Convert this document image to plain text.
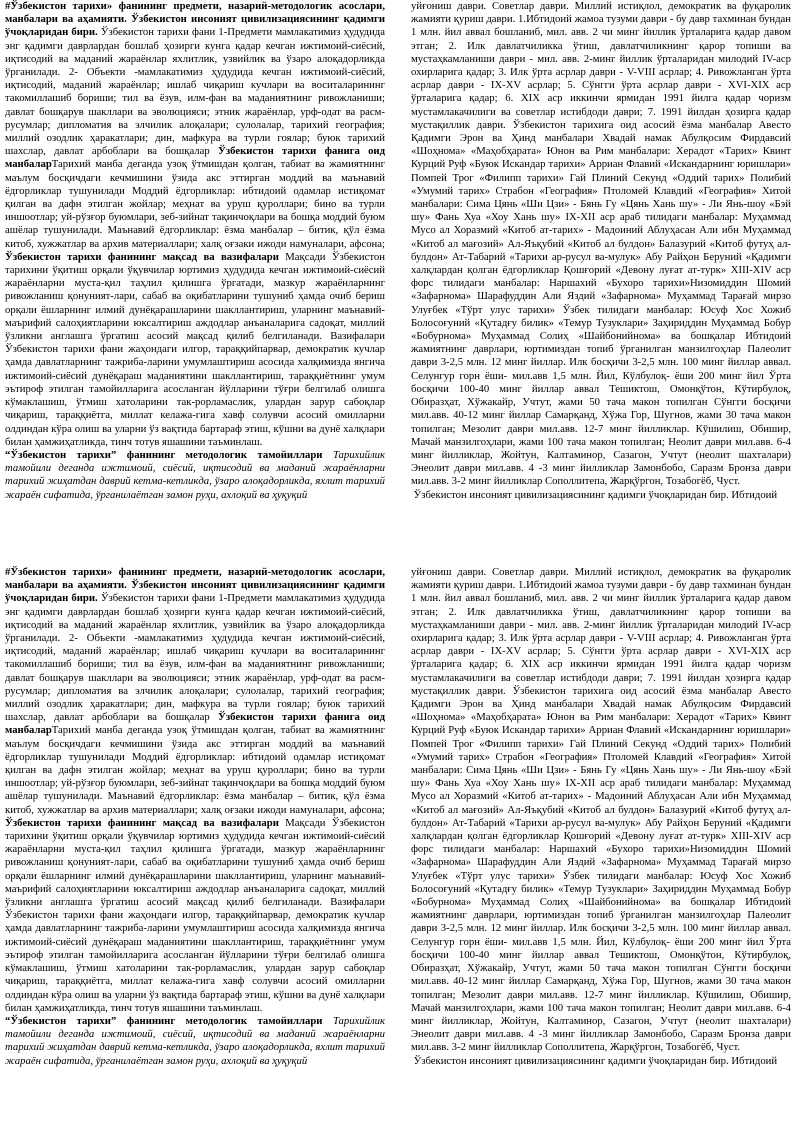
#Ўзбекистон тарихи» фанининг предмети, назарий-методологик асослари, манбалари ва аҳамияти. Ўзбекистон инсоният цивилизациясининг қадимги ўчоқларидан бири. Ўзбекистон тарихи фани 1-Предмети мамлакатимиз ҳудудида энг қадимги даврлардан бошлаб ҳозирги кунга қадар кечган ижтимоий-сиёсий, иқтисодий ва маданий жараёнлар яхлитлик, узвийлик ва ўзаро алоқадорликда ўрганилади. 2- Объекти -мамлакатимиз ҳудудида кечган ижтимоий-сиёсий, иқтисодий, маданий жараёнлар; ишлаб чиқариш кучлари ва воситаларининг такомиллашиб бориши; тил ва ёзув, илм-фан ва маданиятнинг ривожланиши; давлат бошқарув шакллари ва эволюцияси; этник жараёнлар, урф-одат ва расм-русумлар; дипломатия ва элчилик алоқалари; сулолалар, тарихий география; миллий озодлик ҳаракатлари; дин, мафкура ва турли гоялар; буюк тарихий шахслар, давлат арбоблари ва бошқалар Ўзбекистон тарихи фанига оид манбаларТарихий манба деганда узоқ ўтмишдан қолган, табиат ва жамиятнинг маълум босқичдаги кечмишини ўзида акс эттирган моддий ва маънавий ёдгорликлар тушунилади Моддий ёдгорликлар: ибтидоий одамлар истиқомат қилган ва дафн этилган жойлар; меҳнат ва уруш қуроллари; бино ва турли иншоотлар; уй-рўзғор буюмлари, зеб-зийнат тақинчоқлари ва бошқа моддий буюм ашёлар тушунилади. Маънавий ёдгорликлар: ёзма манбалар – битик, қўл ёзма китоб, хужжатлар ва архив материаллари; халқ оғзаки ижоди намуналари, афсона; Ўзбекистон тарихи фанининг мақсад ва вазифалари Мақсади Ўзбекистон тарихини ўқитиш орқали ўқувчилар юртимиз ҳудудида кечган ижтимоий-сиёсий жараёнларни муста-қил таҳлил қилишга ўргатади, мазкур жараёнларнинг ривожланиш қонуният-лари, сабаб ва оқибатларини тушуниб ҳамда очиб бериш орқали ёшларнинг илмий дунёқарашларини шакллантириш, уларнинг маънавий-маърифий салоҳиятларини юксалтириш аждодлар анъаналарига садоқат, миллий ўзликни англашга ўргатиш асосий мақсад қилиб белгиланади. Вазифалари Ўзбекистон тарихи фани жаҳондаги илгор, тараққийпарвар, демократик кучлар ҳамда давлатларнинг тажриба-ларини умумлаштириш асосида халқимизда янгича ижтимоий-сиёсий дунёқараш маданиятини шакллантириш, тараққиётнинг умум эътироф этилган тамойилларига асосланган йўлларини тўғри белгилаб олишга кўмаклашиш, ўтмиш хатоларини так-рорламаслик, улардан зарур сабоқлар чиқариш, тараққиётга, миллат келажа-гига хавф солувчи асосий омилларни олдиндан кўра олиш ва уларни ўз вақтида бартараф этиш, кўшни ва дунё халқлари билан ҳамжиҳатликда, тинч тотув яшашини таъминлаш.

“Ўзбекистон тарихи” фанининг методологик тамойиллари Тарихийлик тамойили деганда ижтимоий, сиёсий, иқтисодий ва маданий жараёнларни тарихий жиҳатдан даврий кетма-кетликда, ўзаро алоқадорликда, яхлит тарихий жараён сифатида, ўрганилаётган замон руҳи, ахлоқий ва ҳуқуқий

уйғониш даври. Советлар даври. Миллий истиқлол, демократик ва фуқаролик жамияти қуриш даври. 1.Ибтидоий жамоа тузуми даври - бу давр тахминан бундан 1 млн. йил аввал бошланиб, мил. авв. 2 чи минг йиллик ўрталарига қадар давом этган; 2. Илк давлатчиликка ўтиш, давлатчиликнинг қарор топиши ва мустаҳкамланиши даври - мил. авв. 2-минг йиллик ўрталаридан милодий IV-аср охирларига қадар; 3. Илк ўрта асрлар даври - V-VIII асрлар; 4. Ривожланган ўрта асрлар даври - IX-XV асрлар; 5. Сўнгги ўрта асрлар даври - XVI-XIX аср ўрталарига қадар; 6. XIX аср иккинчи ярмидан 1991 йилга қадар чоризм мустамлакачилиги ва советлар истибдоди даври; 7. 1991 йилдан ҳозирга қадар мустақиллик даври. Ўзбекистон тарихига оид асосий ёзма манбалар Авесто Қадимги Эрон ва Ҳинд манбалари Хвадай намак Абулқосим Фирдавсий «Шоҳнома» «Маҳобҳарата» Юнон ва Рим манбалари: Херадот «Тарих» Квинт Курций Руф «Буюк Искандар тарихи» Арриан Флавий «Искандарнинг юришлари» Помпей Трог «Филипп тарихи» Гай Плиний Секунд «Оддий тарих» Полибий «Умумий тарих» Страбон «География» Птоломей Клавдий «География» Хитой манбалари: Сима Цянь «Ши Цзи» - Бянь Гу «Цянь Хань шу» - Ли Янь-шоу «Бэй шу» Фань Хуа «Хоу Хань шу» IX-XII аср араб тилидаги манбалар: Муҳаммад Мусо ал Хоразмий «Китоб ат-тарих» - Мадоиний Аблуҳасан Али ибн Муҳаммад «Китоб ал мағозий» Ал-Яъқубий «Китоб ал булдон» Балазурий «Китоб футуҳ ал-булдон» Ат-Табарий «Тарихи ар-русул ва-мулук» Абу Райҳон Беруний «Қадимги халқлардан қолган ёдгорликлар Қошғорий «Девону луғат ат-турк» XIII-XIV аср форс тилидаги манбалар: Наршахий «Бухоро тарихи»Низомиддин Шомий «Зафарнома» Шарафуддин Али Яздий «Зафарнома» Муҳаммад Тарағай мирзо Улуғбек «Тўрт улус тарихи» Ўзбек тилидаги манбалар: Юсуф Хос Хожиб Болосоғуний «Қутадғу билик» «Темур Тузуклари» Заҳириддин Муҳаммад Бобур «Бобурнома» Муҳаммад Солиҳ «Шайбонийнома» ва бошқалар Ибтидоий жамиятнинг даврлари, юртимиздан топиб ўрганилган манзилгоҳлар Палеолит даври 3-2,5 млн. 12 минг йиллар. Илк босқичи 3-2,5 млн. 100 минг йиллар аввал. Селунгур горн ёши- мил.авв 1,5 млн. Йил, Кўлбулоқ- ёши 200 минг йил Ўрта босқичи 100-40 минг йиллар аввал Тешиктош, Омонқўтон, Кўтирбулоқ, Обиразҳат, Хўжакайр, Учтут, жами 50 тача макон топилган Сўнгги босқичи мил.авв. 40-12 минг йиллар Самарқанд, Хўжа Гор, Шугнов, жами 30 тача макон топилган; Мезолит даври мил.авв. 12-7 минг йилликлар. Кўшилиш, Обишир, Мачай манзилгоҳлари, жами 100 тача макон топилган; Неолит даври мил.авв. 6-4 минг йилликлар, Жойтун, Калтаминор, Сазагон, Учтут (неолит шахталари) Энеолит даври мил.авв. 4 -3 минг йилликлар Замонбобо, Саразм Бронза даври мил.авв. 3-2 минг йилликлар Сополлитепа, Жарқўргон, Тозабогёб, Чуст.

Ўзбекистон инсоният цивилизациясининг қадимги ўчоқларидан бир. Ибтидоий

#Ўзбекистон тарихи» фанининг предмети, назарий-методологик асослари, манбалари ва аҳамияти. Ўзбекистон инсоният цивилизациясининг қадимги ўчоқларидан бири. Ўзбекистон тарихи фани 1-Предмети мамлакатимиз ҳудудида энг қадимги даврлардан бошлаб ҳозирги кунга қадар кечган ижтимоий-сиёсий, иқтисодий ва маданий жараёнлар яхлитлик, узвийлик ва ўзаро алоқадорликда ўрганилади. 2- Объекти -мамлакатимиз ҳудудида кечган ижтимоий-сиёсий, иқтисодий, маданий жараёнлар; ишлаб чиқариш кучлари ва воситаларининг такомиллашиб бориши; тил ва ёзув, илм-фан ва маданиятнинг ривожланиши; давлат бошқарув шакллари ва эволюцияси; этник жараёнлар, урф-одат ва расм-русумлар; дипломатия ва элчилик алоқалари; сулолалар, тарихий география; миллий озодлик ҳаракатлари; дин, мафкура ва турли гоялар; буюк тарихий шахслар, давлат арбоблари ва бошқалар Ўзбекистон тарихи фанига оид манбаларТарихий манба деганда узоқ ўтмишдан қолган, табиат ва жамиятнинг маълум босқичдаги кечмишини ўзида акс эттирган моддий ва маънавий ёдгорликлар тушунилади Моддий ёдгорликлар: ибтидоий одамлар истиқомат қилган ва дафн этилган жойлар; меҳнат ва уруш қуроллари; бино ва турли иншоотлар; уй-рўзғор буюмлари, зеб-зийнат тақинчоқлари ва бошқа моддий буюм ашёлар тушунилади. Маънавий ёдгорликлар: ёзма манбалар – битик, қўл ёзма китоб, хужжатлар ва архив материаллари; халқ оғзаки ижоди намуналари, афсона; Ўзбекистон тарихи фанининг мақсад ва вазифалари Мақсади Ўзбекистон тарихини ўқитиш орқали ўқувчилар юртимиз ҳудудида кечган ижтимоий-сиёсий жараёнларни муста-қил таҳлил қилишга ўргатади, мазкур жараёнларнинг ривожланиш қонуният-лари, сабаб ва оқибатларини тушуниб ҳамда очиб бериш орқали ёшларнинг илмий дунёқарашларини шакллантириш, уларнинг маънавий-маърифий салоҳиятларини юксалтириш аждодлар анъаналарига садоқат, миллий ўзликни англашга ўргатиш асосий мақсад қилиб белгиланади. Вазифалари Ўзбекистон тарихи фани жаҳондаги илгор, тараққийпарвар, демократик кучлар ҳамда давлатларнинг тажриба-ларини умумлаштириш асосида халқимизда янгича ижтимоий-сиёсий дунёқараш маданиятини шакллантириш, тараққиётнинг умум эътироф этилган тамойилларига асосланган йўлларини тўғри белгилаб олишга кўмаклашиш, ўтмиш хатоларини так-рорламаслик, улардан зарур сабоқлар чиқариш, тараққиётга, миллат келажа-гига хавф солувчи асосий омилларни олдиндан кўра олиш ва уларни ўз вақтида бартараф этиш, кўшни ва дунё халқлари билан ҳамжиҳатликда, тинч тотув яшашини таъминлаш.

“Ўзбекистон тарихи” фанининг методологик тамойиллари Тарихийлик тамойили деганда ижтимоий, сиёсий, иқтисодий ва маданий жараёнларни тарихий жиҳатдан даврий кетма-кетликда, ўзаро алоқадорликда, яхлит тарихий жараён сифатида, ўрганилаётган замон руҳи, ахлоқий ва ҳуқуқий

уйғониш даври. Советлар даври. Миллий истиқлол, демократик ва фуқаролик жамияти қуриш даври. 1.Ибтидоий жамоа тузуми даври - бу давр тахминан бундан 1 млн. йил аввал бошланиб, мил. авв. 2 чи минг йиллик ўрталарига қадар давом этган; 2. Илк давлатчиликка ўтиш, давлатчиликнинг қарор топиши ва мустаҳкамланиши даври - мил. авв. 2-минг йиллик ўрталаридан милодий IV-аср охирларига қадар; 3. Илк ўрта асрлар даври - V-VIII асрлар; 4. Ривожланган ўрта асрлар даври - IX-XV асрлар; 5. Сўнгги ўрта асрлар даври - XVI-XIX аср ўрталарига қадар; 6. XIX аср иккинчи ярмидан 1991 йилга қадар чоризм мустамлакачилиги ва советлар истибдоди даври; 7. 1991 йилдан ҳозирга қадар мустақиллик даври. Ўзбекистон тарихига оид асосий ёзма манбалар Авесто Қадимги Эрон ва Ҳинд манбалари Хвадай намак Абулқосим Фирдавсий «Шоҳнома» «Маҳобҳарата» Юнон ва Рим манбалари: Херадот «Тарих» Квинт Курций Руф «Буюк Искандар тарихи» Арриан Флавий «Искандарнинг юришлари» Помпей Трог «Филипп тарихи» Гай Плиний Секунд «Оддий тарих» Полибий «Умумий тарих» Страбон «География» Птоломей Клавдий «География» Хитой манбалари: Сима Цянь «Ши Цзи» - Бянь Гу «Цянь Хань шу» - Ли Янь-шоу «Бэй шу» Фань Хуа «Хоу Хань шу» IX-XII аср араб тилидаги манбалар: Муҳаммад Мусо ал Хоразмий «Китоб ат-тарих» - Мадоиний Аблуҳасан Али ибн Муҳаммад «Китоб ал мағозий» Ал-Яъқубий «Китоб ал булдон» Балазурий «Китоб футуҳ ал-булдон» Ат-Табарий «Тарихи ар-русул ва-мулук» Абу Райҳон Беруний «Қадимги халқлардан қолган ёдгорликлар Қошғорий «Девону луғат ат-турк» XIII-XIV аср форс тилидаги манбалар: Наршахий «Бухоро тарихи»Низомиддин Шомий «Зафарнома» Шарафуддин Али Яздий «Зафарнома» Муҳаммад Тарағай мирзо Улуғбек «Тўрт улус тарихи» Ўзбек тилидаги манбалар: Юсуф Хос Хожиб Болосоғуний «Қутадғу билик» «Темур Тузуклари» Заҳириддин Муҳаммад Бобур «Бобурнома» Муҳаммад Солиҳ «Шайбонийнома» ва бошқалар Ибтидоий жамиятнинг даврлари, юртимиздан топиб ўрганилган манзилгоҳлар Палеолит даври 3-2,5 млн. 12 минг йиллар. Илк босқичи 3-2,5 млн. 100 минг йиллар аввал. Селунгур горн ёши- мил.авв 1,5 млн. Йил, Кўлбулоқ- ёши 200 минг йил Ўрта босқичи 100-40 минг йиллар аввал Тешиктош, Омонқўтон, Кўтирбулоқ, Обиразҳат, Хўжакайр, Учтут, жами 50 тача макон топилган Сўнгги босқичи мил.авв. 40-12 минг йиллар Самарқанд, Хўжа Гор, Шугнов, жами 30 тача макон топилган; Мезолит даври мил.авв. 12-7 минг йилликлар. Кўшилиш, Обишир, Мачай манзилгоҳлари, жами 100 тача макон топилган; Неолит даври мил.авв. 6-4 минг йилликлар, Жойтун, Калтаминор, Сазагон, Учтут (неолит шахталари) Энеолит даври мил.авв. 4 -3 минг йилликлар Замонбобо, Саразм Бронза даври мил.авв. 3-2 минг йилликлар Сополлитепа, Жарқўргон, Тозабогёб, Чуст.

Ўзбекистон инсоният цивилизациясининг қадимги ўчоқларидан бир. Ибтидоий
